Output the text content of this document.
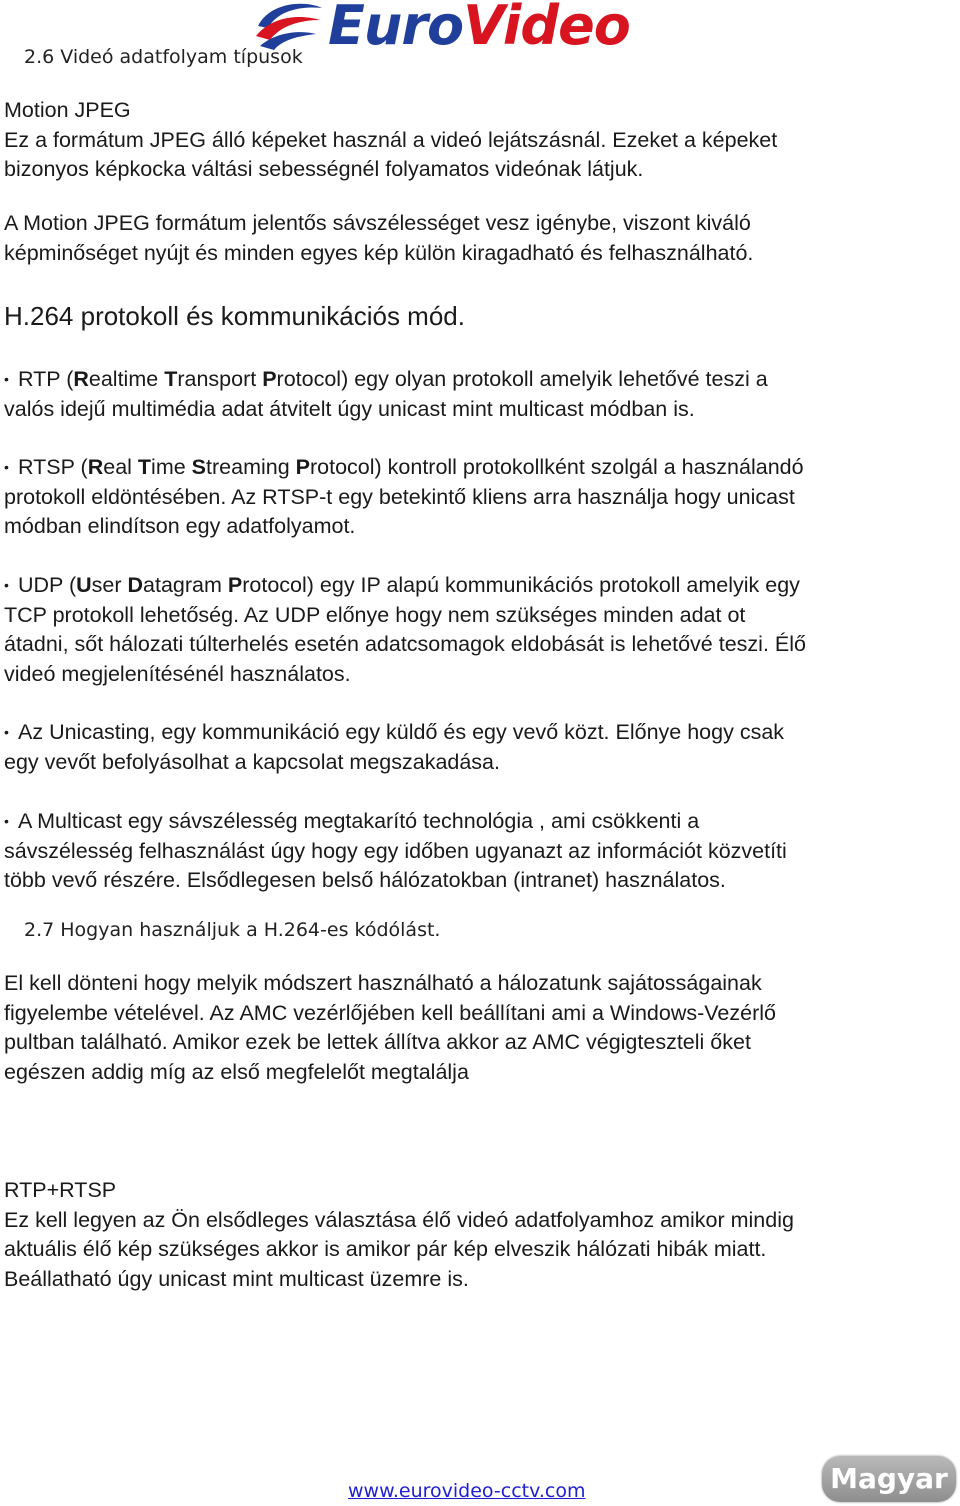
EuroVideo
2.6 Videó adatfolyam típusok
Motion JPEG
Ez a formátum JPEG álló képeket használ a videó lejátszásnál. Ezeket a képeket
bizonyos képkocka váltási sebességnél folyamatos videónak látjuk.
A Motion JPEG formátum jelentős sávszélességet vesz igénybe, viszont kiváló
képminőséget nyújt és minden egyes kép külön kiragadható és felhasználható.
H.264 protokoll és kommunikációs mód.
• RTP (Realtime Transport Protocol) egy olyan protokoll amelyik lehetővé teszi a
valós idejű multimédia adat átvitelt úgy unicast mint multicast módban is.
• RTSP (Real Time Streaming Protocol) kontroll protokollként szolgál a használandó
protokoll eldöntésében. Az RTSP-t egy betekintő kliens arra használja hogy unicast
módban elindítson egy adatfolyamot.
• UDP (User Datagram Protocol) egy IP alapú kommunikációs protokoll amelyik egy
TCP protokoll lehetőség. Az UDP előnye hogy nem szükséges minden adat ot
átadni, sőt hálozati túlterhelés esetén adatcsomagok eldobását is lehetővé teszi. Élő
videó megjelenítésénél használatos.
• Az Unicasting, egy kommunikáció egy küldő és egy vevő közt. Előnye hogy csak
egy vevőt befolyásolhat a kapcsolat megszakadása.
• A Multicast egy sávszélesség megtakarító technológia , ami csökkenti a
sávszélesség felhasználást úgy hogy egy időben ugyanazt az információt közvetíti
több vevő részére. Elsődlegesen belső hálózatokban (intranet) használatos.
2.7 Hogyan használjuk a H.264-es kódólást.
El kell dönteni hogy melyik módszert használható a hálozatunk sajátosságainak
figyelembe vételével. Az AMC vezérlőjében kell beállítani ami a Windows-Vezérlő
pultban található. Amikor ezek be lettek állítva akkor az AMC végigteszteli őket
egészen addig míg az első megfelelőt megtalálja
RTP+RTSP
Ez kell legyen az Ön elsődleges választása élő videó adatfolyamhoz amikor mindig
aktuális élő kép szükséges akkor is amikor pár kép elveszik hálózati hibák miatt.
Beállatható úgy unicast mint multicast üzemre is.
www.eurovideo-cctv.com	Magyar
